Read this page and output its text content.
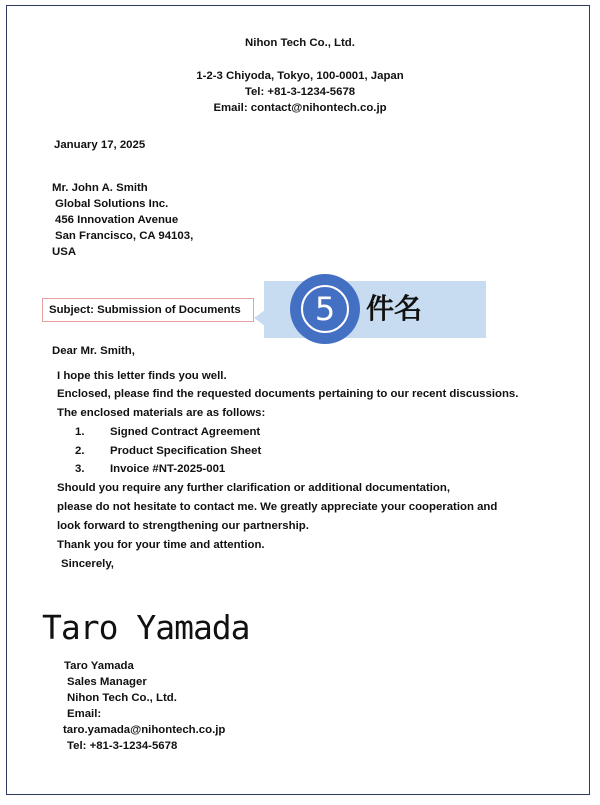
Nihon Tech Co., Ltd.

1-2-3 Chiyoda, Tokyo, 100-0001, Japan

Tel: +81-3-1234-5678

Email: contact@nihontech.co.jp

January 17, 2025

Mr. John A. Smith

Global Solutions Inc.

456 Innovation Avenue

San Francisco, CA 94103,

USA

Subject: Submission of Documents	5	件名

Dear Mr. Smith,

I hope this letter finds you well.

Enclosed, please find the requested documents pertaining to our recent discussions.

The enclosed materials are as follows:

1. Signed Contract Agreement

2. Product Specification Sheet

3. Invoice #NT-2025-001

Should you require any further clarification or additional documentation,

please do not hesitate to contact me. We greatly appreciate your cooperation and

look forward to strengthening our partnership.

Thank you for your time and attention.

Sincerely,

Taro Yamada

Taro Yamada

Sales Manager

Nihon Tech Co., Ltd.

Email:

taro.yamada@nihontech.co.jp

Tel: +81-3-1234-5678
